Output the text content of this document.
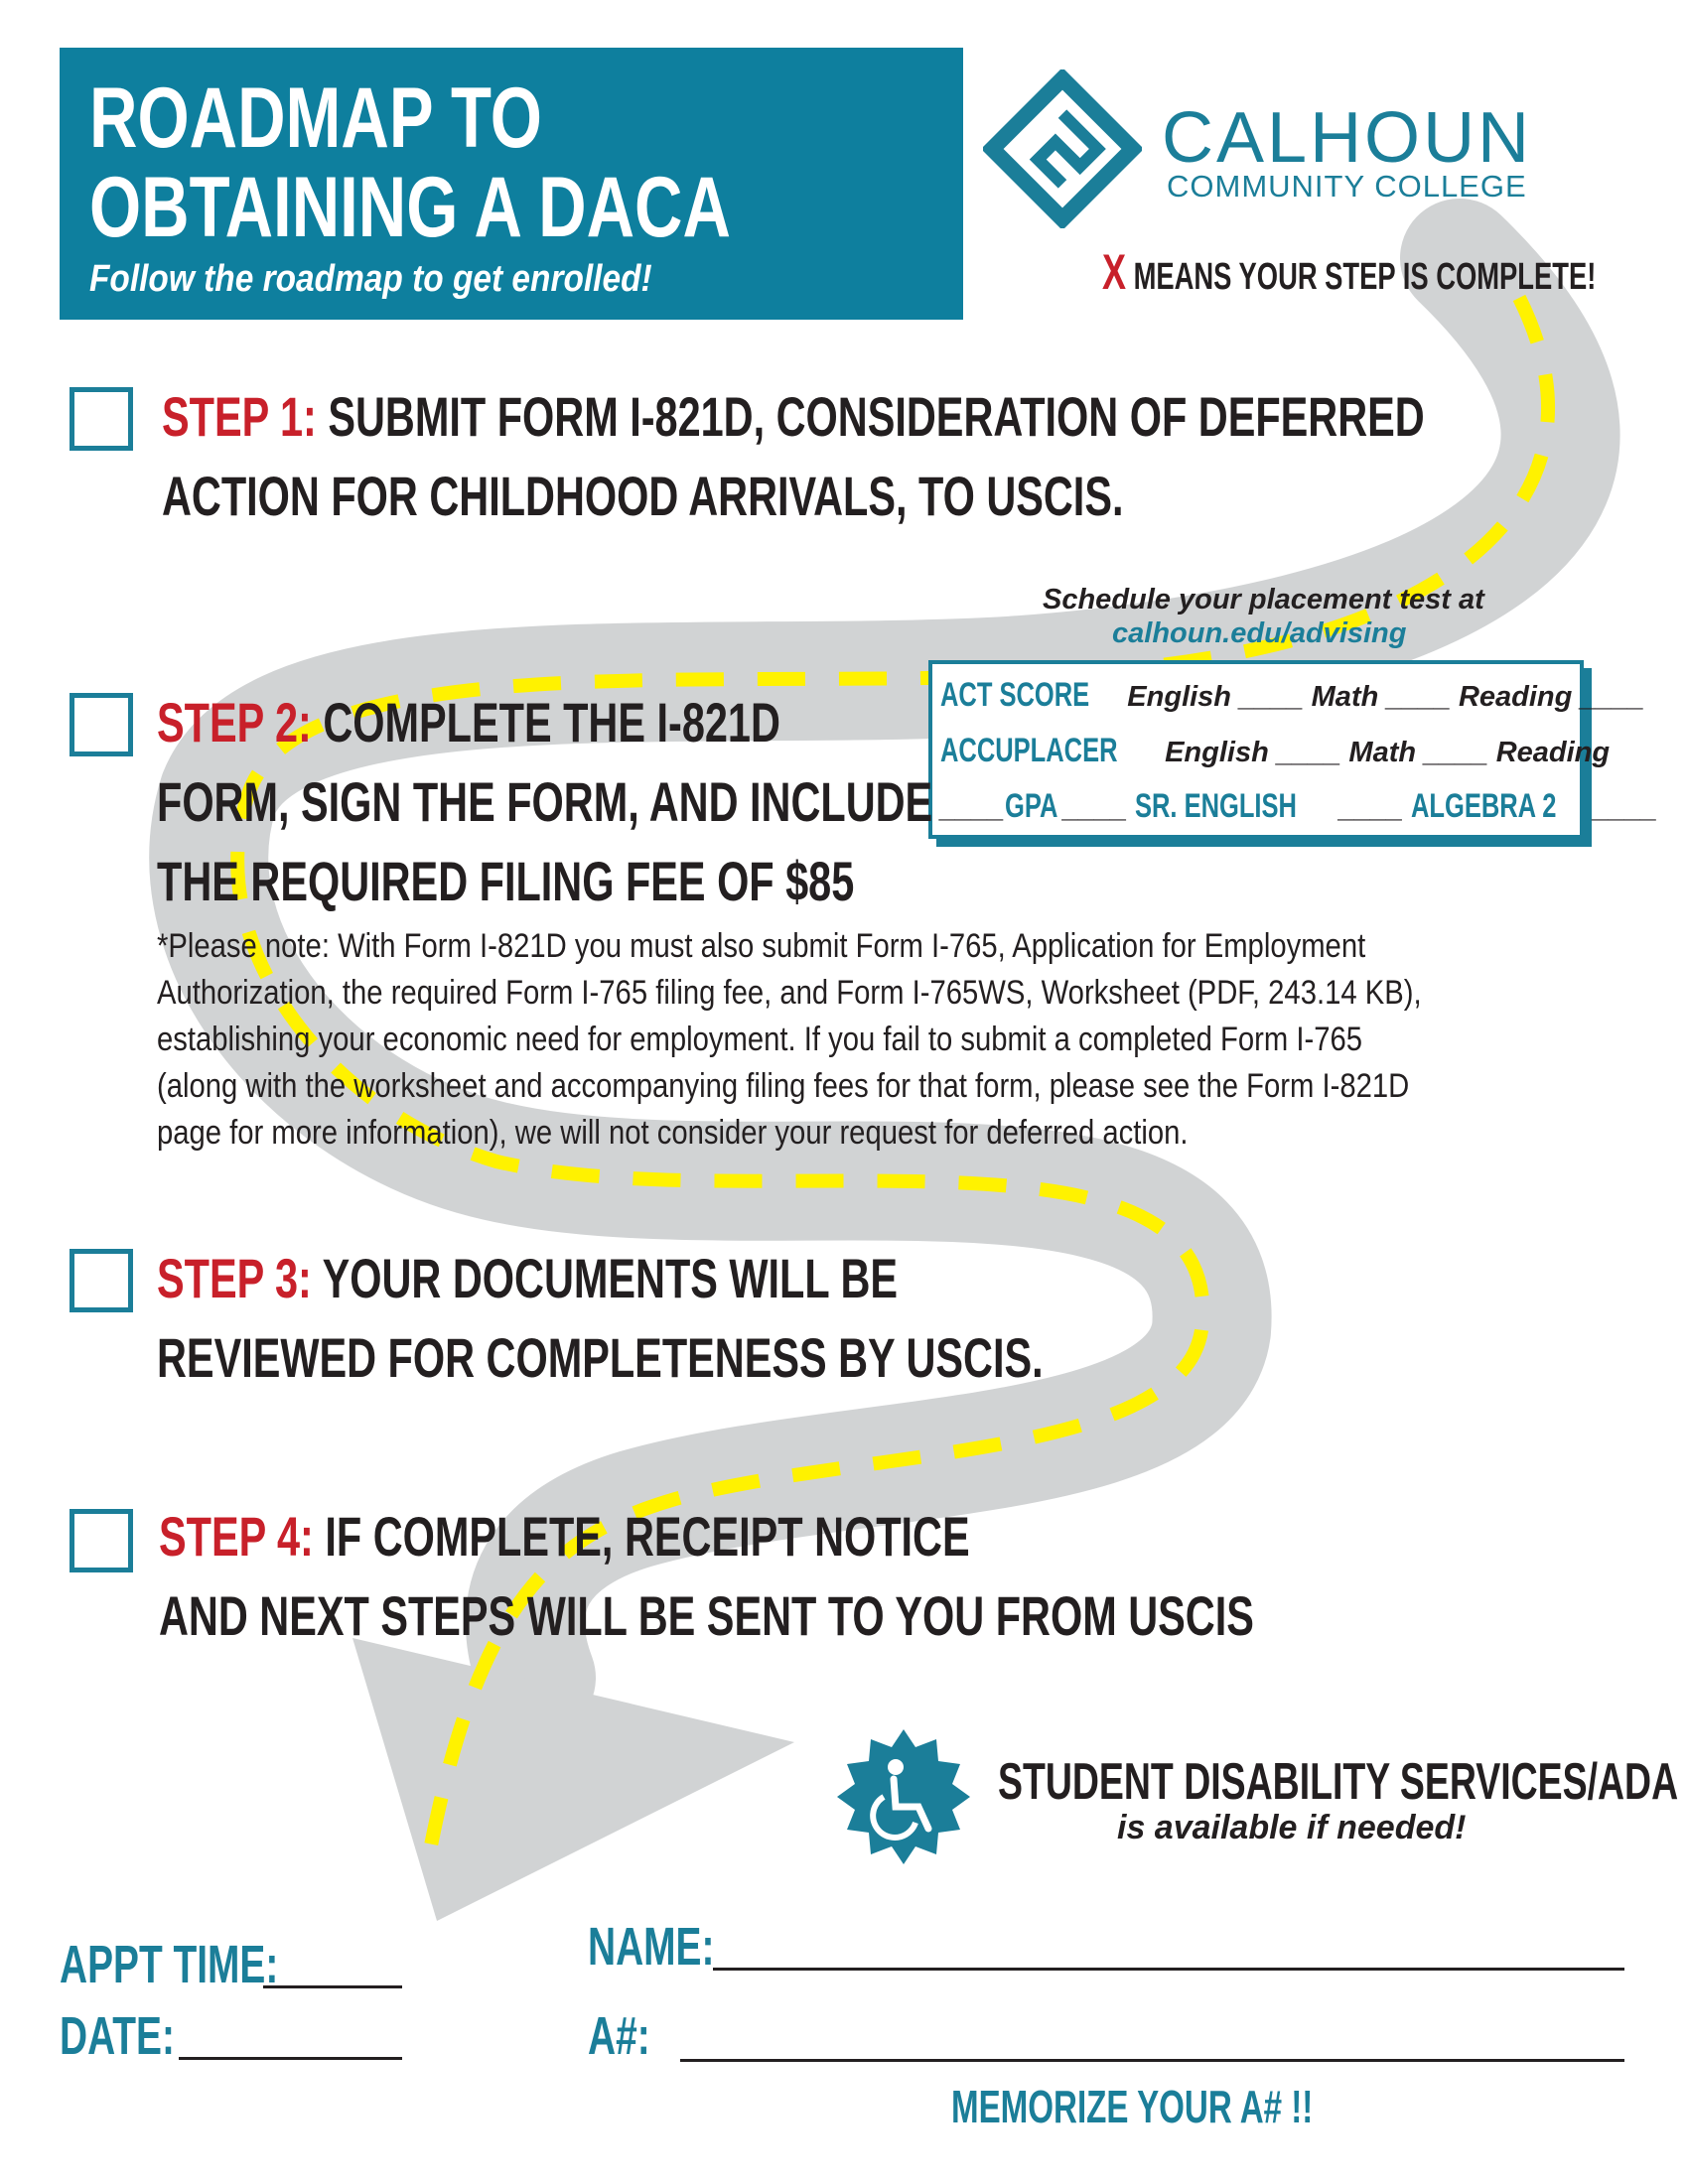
ROADMAP TO
OBTAINING A DACA
Follow the roadmap to get enrolled!
CALHOUN
COMMUNITY COLLEGE
X MEANS YOUR STEP IS COMPLETE!
STEP 1: SUBMIT FORM I-821D, CONSIDERATION OF DEFERRED
ACTION FOR CHILDHOOD ARRIVALS, TO USCIS.
Schedule your placement test at
calhoun.edu/advising
ACT SCORE English ____ Math ____ Reading ____
ACCUPLACER English ____ Math ____ Reading
____GPA ____ SR. ENGLISH ____ ALGEBRA 2 ____
STEP 2: COMPLETE THE I-821D
FORM, SIGN THE FORM, AND INCLUDE
THE REQUIRED FILING FEE OF $85
*Please note: With Form I-821D you must also submit Form I-765, Application for Employment
Authorization, the required Form I-765 filing fee, and Form I-765WS, Worksheet (PDF, 243.14 KB),
establishing your economic need for employment. If you fail to submit a completed Form I-765
(along with the worksheet and accompanying filing fees for that form, please see the Form I-821D
page for more information), we will not consider your request for deferred action.
STEP 3: YOUR DOCUMENTS WILL BE
REVIEWED FOR COMPLETENESS BY USCIS.
STEP 4: IF COMPLETE, RECEIPT NOTICE
AND NEXT STEPS WILL BE SENT TO YOU FROM USCIS
STUDENT DISABILITY SERVICES/ADA
is available if needed!
APPT TIME:
DATE:
NAME:
A#:
MEMORIZE YOUR A# !!
